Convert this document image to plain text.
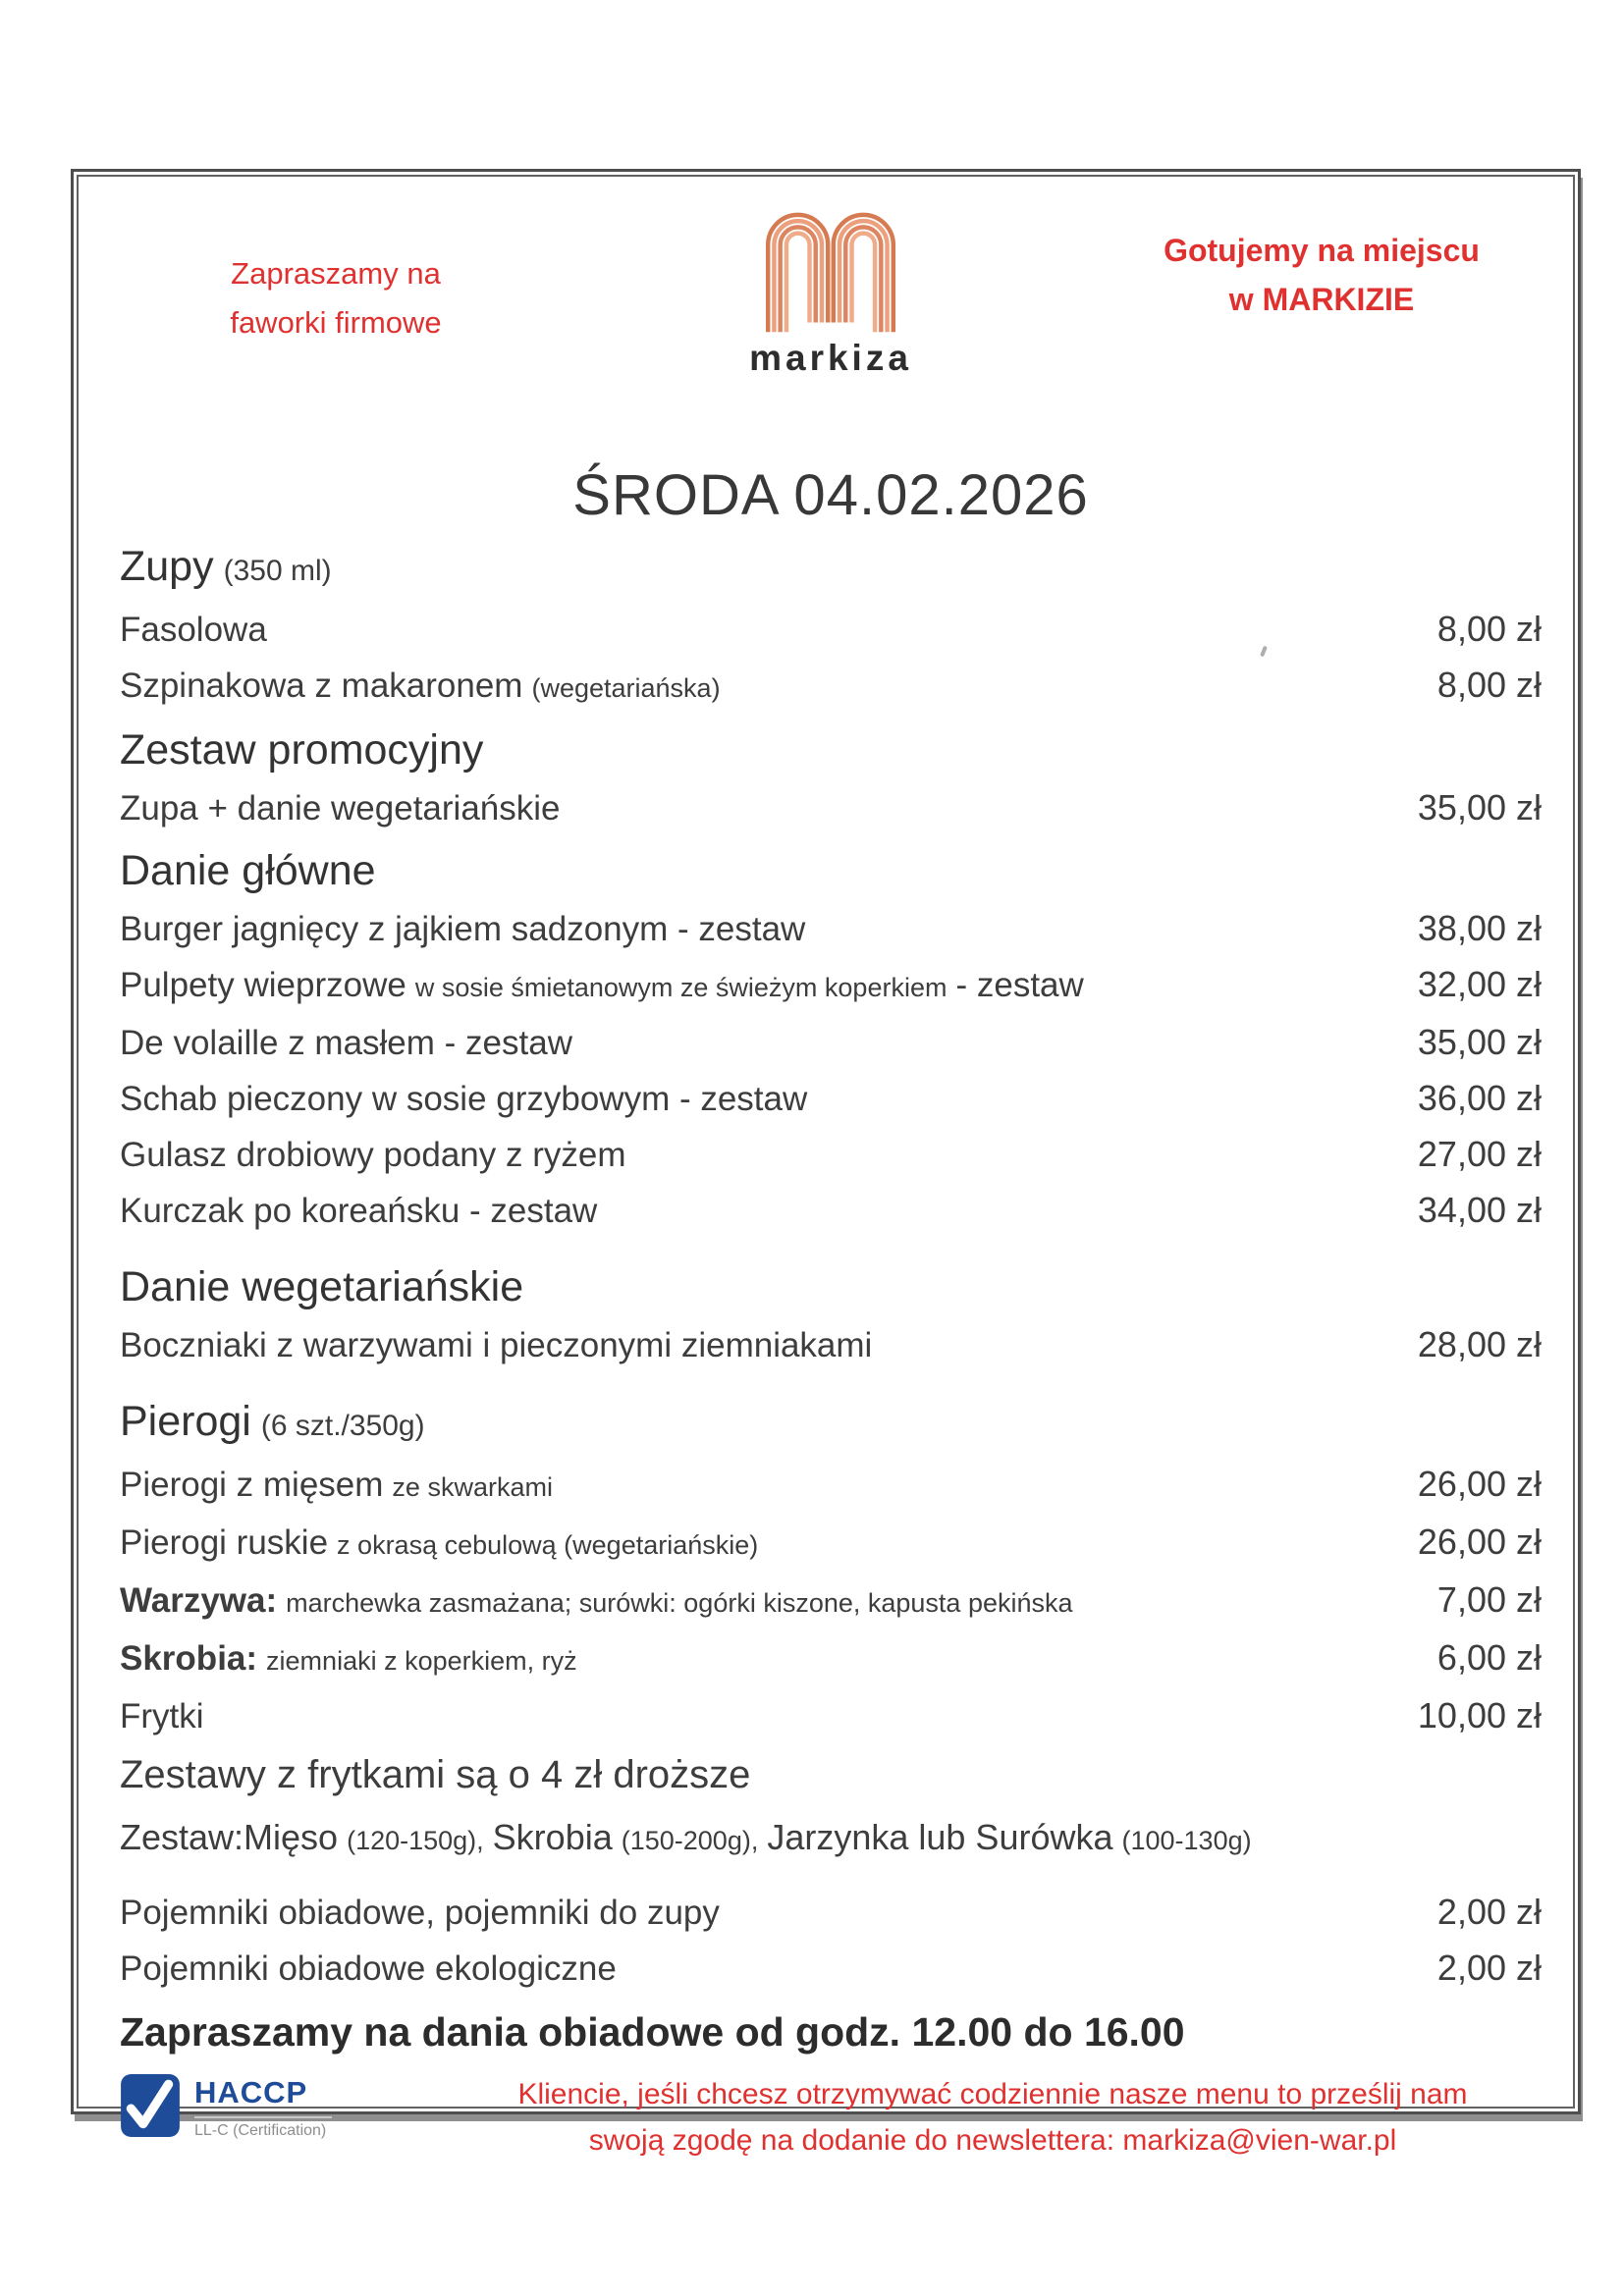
Zapraszamy na
faworki firmowe
markiza
Gotujemy na miejscu
w MARKIZIE
ŚRODA 04.02.2026
Zupy (350 ml)
Fasolowa	8,00 zł
Szpinakowa z makaronem (wegetariańska)	8,00 zł
Zestaw promocyjny
Zupa + danie wegetariańskie	35,00 zł
Danie główne
Burger jagnięcy z jajkiem sadzonym - zestaw	38,00 zł
Pulpety wieprzowe w sosie śmietanowym ze świeżym koperkiem - zestaw	32,00 zł
De volaille z masłem - zestaw	35,00 zł
Schab pieczony w sosie grzybowym - zestaw	36,00 zł
Gulasz drobiowy podany z ryżem	27,00 zł
Kurczak po koreańsku - zestaw	34,00 zł
Danie wegetariańskie
Boczniaki z warzywami i pieczonymi ziemniakami	28,00 zł
Pierogi (6 szt./350g)
Pierogi z mięsem ze skwarkami	26,00 zł
Pierogi ruskie z okrasą cebulową (wegetariańskie)	26,00 zł
Warzywa: marchewka zasmażana; surówki: ogórki kiszone, kapusta pekińska	7,00 zł
Skrobia: ziemniaki z koperkiem, ryż	6,00 zł
Frytki	10,00 zł
Zestawy z frytkami są o 4 zł droższe
Zestaw:Mięso (120-150g), Skrobia (150-200g), Jarzynka lub Surówka (100-130g)
Pojemniki obiadowe, pojemniki do zupy	2,00 zł
Pojemniki obiadowe ekologiczne	2,00 zł
Zapraszamy na dania obiadowe od godz. 12.00 do 16.00
HACCP
LL-C (Certification)
Kliencie, jeśli chcesz otrzymywać codziennie nasze menu to prześlij nam
swoją zgodę na dodanie do newslettera: markiza@vien-war.pl
